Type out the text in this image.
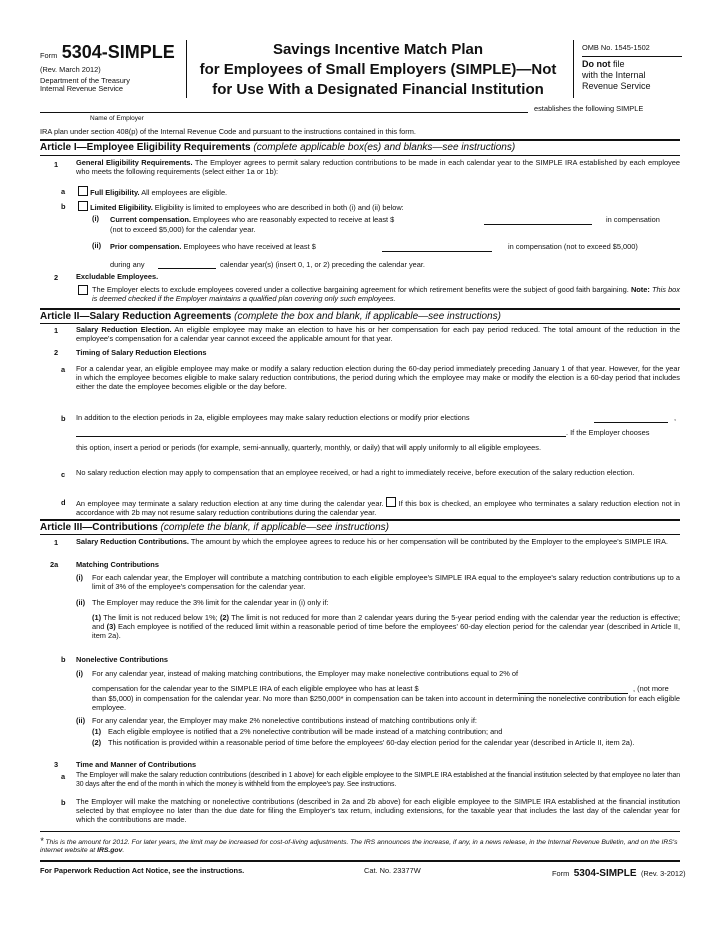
Form 5304-SIMPLE
(Rev. March 2012)
Department of the Treasury
Internal Revenue Service
Savings Incentive Match Plan
for Employees of Small Employers (SIMPLE)—Not
for Use With a Designated Financial Institution
OMB No. 1545-1502
Do not file
with the Internal
Revenue Service
establishes the following SIMPLE
Name of Employer
IRA plan under section 408(p) of the Internal Revenue Code and pursuant to the instructions contained in this form.
Article I—Employee Eligibility Requirements (complete applicable box(es) and blanks—see instructions)
1 General Eligibility Requirements. The Employer agrees to permit salary reduction contributions to be made in each calendar year to the SIMPLE IRA established by each employee who meets the following requirements (select either 1a or 1b):
a	Full Eligibility. All employees are eligible.
b	Limited Eligibility. Eligibility is limited to employees who are described in both (i) and (ii) below:
(i) Current compensation. Employees who are reasonably expected to receive at least $	in compensation
(not to exceed $5,000) for the calendar year.
(ii) Prior compensation. Employees who have received at least $	in compensation (not to exceed $5,000)
during any	calendar year(s) (insert 0, 1, or 2) preceding the calendar year.
2 Excludable Employees.
The Employer elects to exclude employees covered under a collective bargaining agreement for which retirement benefits were the subject of good faith bargaining. Note: This box is deemed checked if the Employer maintains a qualified plan covering only such employees.
Article II—Salary Reduction Agreements (complete the box and blank, if applicable—see instructions)
1 Salary Reduction Election. An eligible employee may make an election to have his or her compensation for each pay period reduced. The total amount of the reduction in the employee's compensation for a calendar year cannot exceed the applicable amount for that year.
2 Timing of Salary Reduction Elections
a For a calendar year, an eligible employee may make or modify a salary reduction election during the 60-day period immediately preceding January 1 of that year. However, for the year in which the employee becomes eligible to make salary reduction contributions, the period during which the employee may make or modify the election is a 60-day period that includes either the date the employee becomes eligible or the day before.
b In addition to the election periods in 2a, eligible employees may make salary reduction elections or modify prior elections	,
. If the Employer chooses
this option, insert a period or periods (for example, semi-annually, quarterly, monthly, or daily) that will apply uniformly to all eligible employees.
c No salary reduction election may apply to compensation that an employee received, or had a right to immediately receive, before execution of the salary reduction election.
d An employee may terminate a salary reduction election at any time during the calendar year. If this box is checked, an employee who terminates a salary reduction election not in accordance with 2b may not resume salary reduction contributions during the calendar year.
Article III—Contributions (complete the blank, if applicable—see instructions)
1 Salary Reduction Contributions. The amount by which the employee agrees to reduce his or her compensation will be contributed by the Employer to the employee's SIMPLE IRA.
2a Matching Contributions
(i) For each calendar year, the Employer will contribute a matching contribution to each eligible employee's SIMPLE IRA equal to the employee's salary reduction contributions up to a limit of 3% of the employee's compensation for the calendar year.
(ii) The Employer may reduce the 3% limit for the calendar year in (i) only if:
(1) The limit is not reduced below 1%; (2) The limit is not reduced for more than 2 calendar years during the 5-year period ending with the calendar year the reduction is effective; and (3) Each employee is notified of the reduced limit within a reasonable period of time before the employees' 60-day election period for the calendar year (described in Article II, item 2a).
b Nonelective Contributions
(i) For any calendar year, instead of making matching contributions, the Employer may make nonelective contributions equal to 2% of
compensation for the calendar year to the SIMPLE IRA of each eligible employee who has at least $	, (not more
than $5,000) in compensation for the calendar year. No more than $250,000* in compensation can be taken into account in determining the nonelective contribution for each eligible employee.
(ii) For any calendar year, the Employer may make 2% nonelective contributions instead of matching contributions only if:
(1) Each eligible employee is notified that a 2% nonelective contribution will be made instead of a matching contribution; and
(2) This notification is provided within a reasonable period of time before the employees' 60-day election period for the calendar year (described in Article II, item 2a).
3 Time and Manner of Contributions
a The Employer will make the salary reduction contributions (described in 1 above) for each eligible employee to the SIMPLE IRA established at the financial institution selected by that employee no later than 30 days after the end of the month in which the money is withheld from the employee's pay. See instructions.
b The Employer will make the matching or nonelective contributions (described in 2a and 2b above) for each eligible employee to the SIMPLE IRA established at the financial institution selected by that employee no later than the due date for filing the Employer's tax return, including extensions, for the taxable year that includes the last day of the calendar year for which the contributions are made.
* This is the amount for 2012. For later years, the limit may be increased for cost-of-living adjustments. The IRS announces the increase, if any, in a news release, in the Internal Revenue Bulletin, and on the IRS's internet website at IRS.gov.
For Paperwork Reduction Act Notice, see the instructions.	Cat. No. 23377W	Form 5304-SIMPLE (Rev. 3-2012)
